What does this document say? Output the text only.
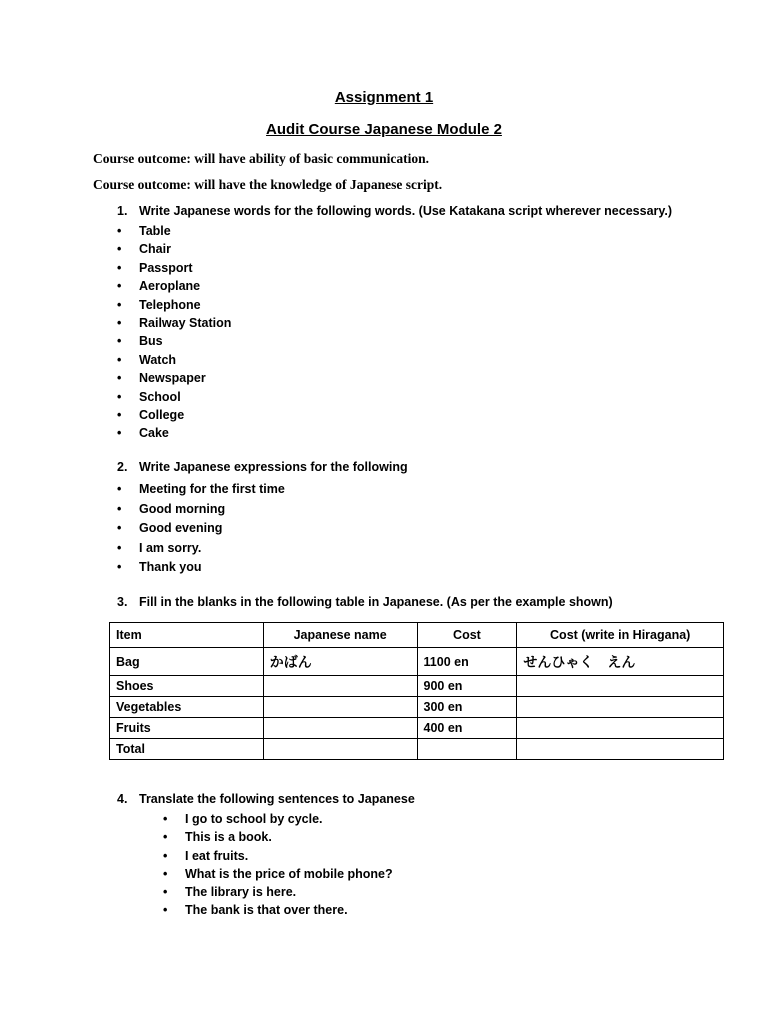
Assignment 1
Audit Course Japanese Module 2
Course outcome: will have ability of basic communication.
Course outcome: will have the knowledge of Japanese script.
1. Write Japanese words for the following words. (Use Katakana script wherever necessary.)
• Table
• Chair
• Passport
• Aeroplane
• Telephone
• Railway Station
• Bus
• Watch
• Newspaper
• School
• College
• Cake
2. Write Japanese expressions for the following
• Meeting for the first time
• Good morning
• Good evening
• I am sorry.
• Thank you
3. Fill in the blanks in the following table in Japanese. (As per the example shown)
Item	Japanese name	Cost	Cost (write in Hiragana)
Bag	かばん	1100 en	せんひゃく　えん
Shoes		900 en	
Vegetables		300 en	
Fruits		400 en	
Total			
4. Translate the following sentences to Japanese
• I go to school by cycle.
• This is a book.
• I eat fruits.
• What is the price of mobile phone?
• The library is here.
• The bank is that over there.
